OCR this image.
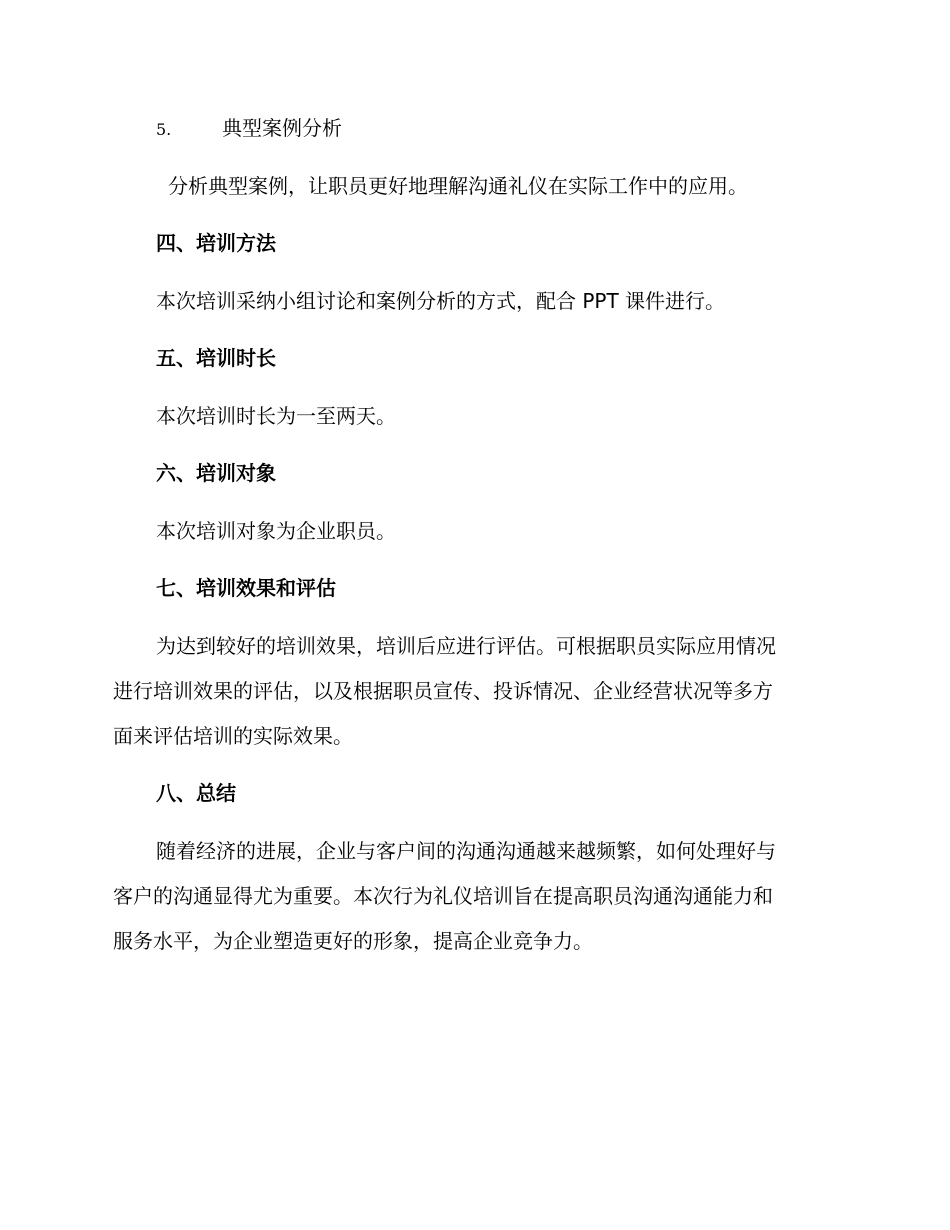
5.	典型案例分析
分析典型案例，让职员更好地理解沟通礼仪在实际工作中的应用。
四、培训方法
本次培训采纳小组讨论和案例分析的方式，配合 PPT 课件进行。
五、培训时长
本次培训时长为一至两天。
六、培训对象
本次培训对象为企业职员。
七、培训效果和评估
为达到较好的培训效果，培训后应进行评估。可根据职员实际应用情况
进行培训效果的评估，以及根据职员宣传、投诉情况、企业经营状况等多方
面来评估培训的实际效果。
八、总结
随着经济的进展，企业与客户间的沟通沟通越来越频繁，如何处理好与
客户的沟通显得尤为重要。本次行为礼仪培训旨在提高职员沟通沟通能力和
服务水平，为企业塑造更好的形象，提高企业竞争力。
